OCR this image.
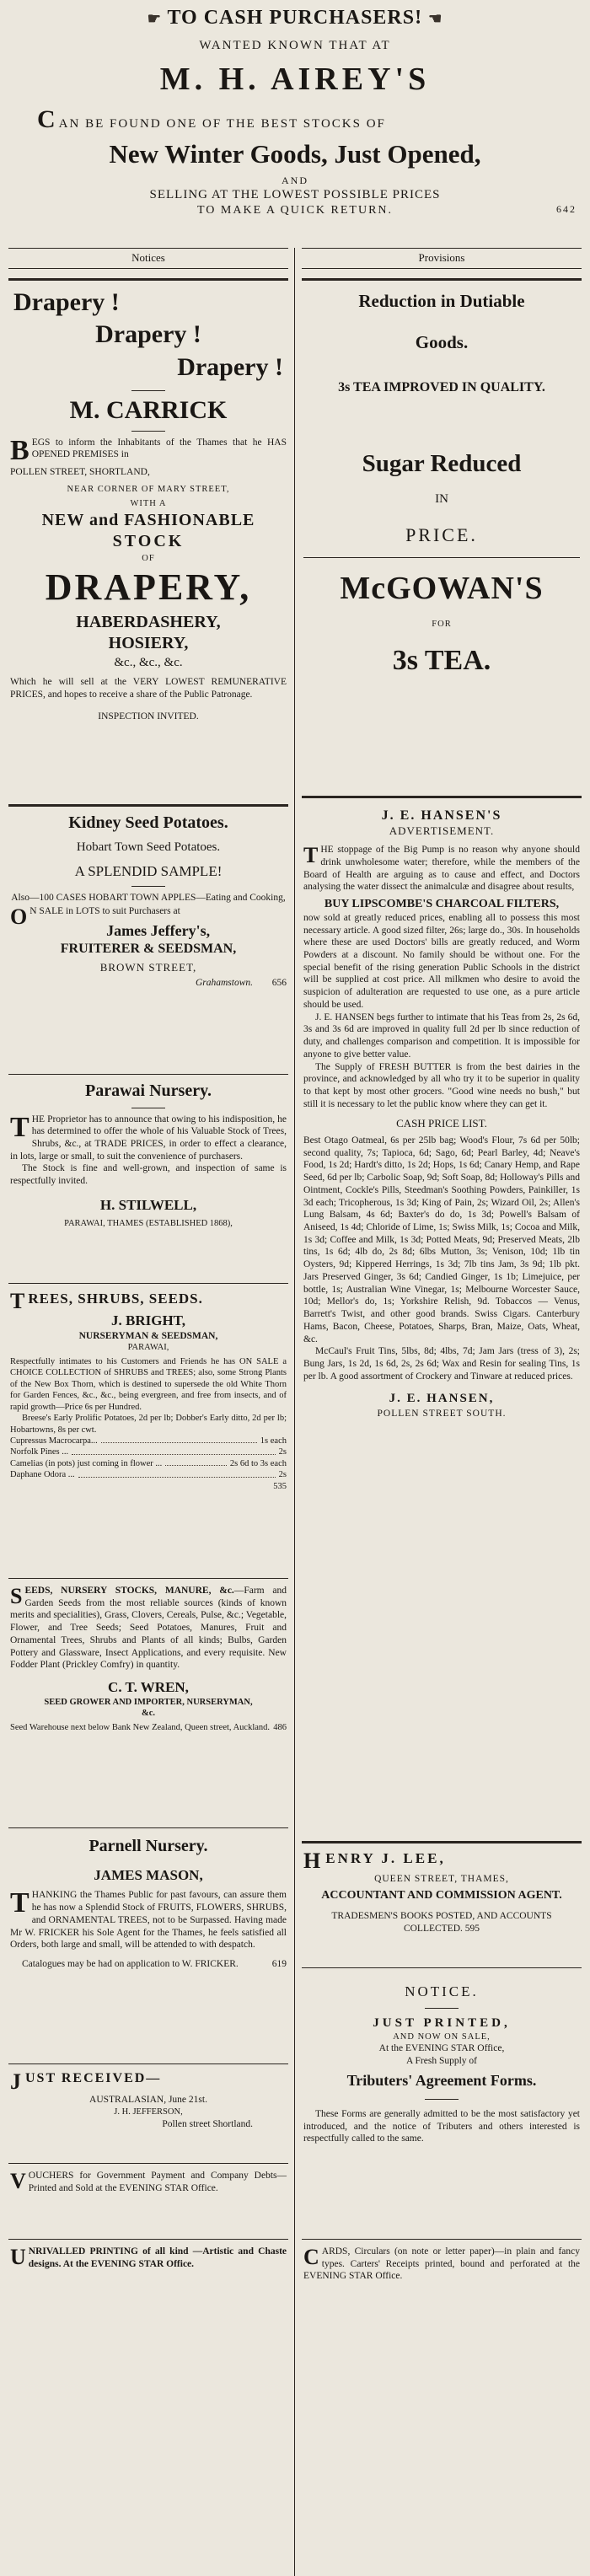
☛ TO CASH PURCHASERS! ☚
WANTED KNOWN THAT AT
M. H. AIREY'S
CAN BE FOUND ONE OF THE BEST STOCKS OF
New Winter Goods, Just Opened,
AND
SELLING AT THE LOWEST POSSIBLE PRICES
TO MAKE A QUICK RETURN.	642
Notices
Drapery !
Drapery !
Drapery !
M. CARRICK

BEGS to inform the Inhabitants of the Thames that he HAS OPENED PREMISES in

POLLEN STREET, SHORTLAND,
NEAR CORNER OF MARY STREET,
WITH A
NEW and FASHIONABLE
STOCK
OF
DRAPERY,
HABERDASHERY,
HOSIERY,
&c., &c., &c.

Which he will sell at the VERY LOWEST REMUNERATIVE PRICES, and hopes to receive a share of the Public Patronage.

INSPECTION INVITED.
Kidney Seed Potatoes.
Hobart Town Seed Potatoes.
A SPLENDID SAMPLE!

Also—100 CASES HOBART TOWN APPLES—Eating and Cooking,

O N SALE in LOTS to suit Purchasers at

James Jeffery's,
FRUITERER & SEEDSMAN,
BROWN STREET,
Grahamstown.	656
Parawai Nursery.

THE Proprietor has to announce that owing to his indisposition, he has determined to offer the whole of his Valuable Stock of Trees, Shrubs, &c., at TRADE PRICES, in order to effect a clearance, in lots, large or small, to suit the convenience of purchasers.

The Stock is fine and well-grown, and inspection of same is respectfully invited.

H. STILWELL,
PARAWAI, THAMES (ESTABLISHED 1868),
TREES, SHRUBS, SEEDS.
J. BRIGHT,
NURSERYMAN & SEEDSMAN,
PARAWAI,

Respectfully intimates to his Customers and Friends he has ON SALE a CHOICE COLLECTION of SHRUBS and TREES; also, some Strong Plants of the New Box Thorn, which is destined to supersede the old White Thorn for Garden Fences, &c., &c., being evergreen, and free from insects, and of rapid growth—Price 6s per Hundred.

Breese's Early Prolific Potatoes, 2d per lb; Dobber's Early ditto, 2d per lb; Hobartowns, 8s per cwt.

Cupressus Macrocarpa...	1s each
Norfolk Pines ...	2s
Camelias (in pots) just coming in flower ...	2s 6d to 3s each
Daphane Odora ...	2s
535

SEEDS, NURSERY STOCKS, MANURE, &c.—Farm and Garden Seeds from the most reliable sources (kinds of known merits and specialities), Grass, Clovers, Cereals, Pulse, &c.; Vegetable, Flower, and Tree Seeds; Seed Potatoes, Manures, Fruit and Ornamental Trees, Shrubs and Plants of all kinds; Bulbs, Garden Pottery and Glassware, Insect Applications, and every requisite. New Fodder Plant (Prickley Comfry) in quantity.

C. T. WREN,
SEED GROWER AND IMPORTER, NURSERYMAN, &c.

Seed Warehouse next below Bank New Zealand, Queen street, Auckland. 486

Parnell Nursery.
JAMES MASON,

THANKING the Thames Public for past favours, can assure them he has now a Splendid Stock of FRUITS, FLOWERS, SHRUBS, and ORNAMENTAL TREES, not to be Surpassed. Having made Mr W. FRICKER his Sole Agent for the Thames, he feels satisfied all Orders, both large and small, will be attended to with despatch.

Catalogues may be had on application to W. FRICKER.	619

JUST RECEIVED—
AUSTRALASIAN, June 21st.
J. H. JEFFERSON,
Pollen street Shortland.

VOUCHERS for Government Payment and Company Debts—Printed and Sold at the EVENING STAR Office.

UNRIVALLED PRINTING of all kind —Artistic and Chaste designs. At the EVENING STAR Office.

Provisions
Reduction in Dutiable
Goods.
3s TEA IMPROVED IN QUALITY.
Sugar Reduced
IN
PRICE.
McGOWAN'S
FOR
3s TEA.
J. E. HANSEN'S
ADVERTISEMENT.

THE stoppage of the Big Pump is no reason why anyone should drink unwholesome water; therefore, while the members of the Board of Health are arguing as to cause and effect, and Doctors analysing the water dissect the animalculæ and disagree about results,

BUY LIPSCOMBE'S CHARCOAL FILTERS,

now sold at greatly reduced prices, enabling all to possess this most necessary article. A good sized filter, 26s; large do., 30s. In households where these are used Doctors' bills are greatly reduced, and Worm Powders at a discount. No family should be without one. For the special benefit of the rising generation Public Schools in the district will be supplied at cost price. All milkmen who desire to avoid the suspicion of adulteration are requested to use one, as a pure article should be used.

J. E. HANSEN begs further to intimate that his Teas from 2s, 2s 6d, 3s and 3s 6d are improved in quality full 2d per lb since reduction of duty, and challenges comparison and competition. It is impossible for anyone to give better value.

The Supply of FRESH BUTTER is from the best dairies in the province, and acknowledged by all who try it to be superior in quality to that kept by most other grocers. "Good wine needs no bush," but still it is necessary to let the public know where they can get it.

CASH PRICE LIST.

Best Otago Oatmeal, 6s per 25lb bag; Wood's Flour, 7s 6d per 50lb; second quality, 7s; Tapioca, 6d; Sago, 6d; Pearl Barley, 4d; Neave's Food, 1s 2d; Hardt's ditto, 1s 2d; Hops, 1s 6d; Canary Hemp, and Rape Seed, 6d per lb; Carbolic Soap, 9d; Soft Soap, 8d; Holloway's Pills and Ointment, Cockle's Pills, Steedman's Soothing Powders, Painkiller, 1s 3d each; Tricopherous, 1s 3d; King of Pain, 2s; Wizard Oil, 2s; Allen's Lung Balsam, 4s 6d; Baxter's do do, 1s 3d; Powell's Balsam of Aniseed, 1s 4d; Chloride of Lime, 1s; Swiss Milk, 1s; Cocoa and Milk, 1s 3d; Coffee and Milk, 1s 3d; Potted Meats, 9d; Preserved Meats, 2lb tins, 1s 6d; 4lb do, 2s 8d; 6lbs Mutton, 3s; Venison, 10d; 1lb tin Oysters, 9d; Kippered Herrings, 1s 3d; 7lb tins Jam, 3s 9d; 1lb pkt. Jars Preserved Ginger, 3s 6d; Candied Ginger, 1s 1b; Limejuice, per bottle, 1s; Australian Wine Vinegar, 1s; Melbourne Worcester Sauce, 10d; Mellor's do, 1s; Yorkshire Relish, 9d. Tobaccos — Venus, Barrett's Twist, and other good brands. Swiss Cigars. Canterbury Hams, Bacon, Cheese, Potatoes, Sharps, Bran, Maize, Oats, Wheat, &c.

McCaul's Fruit Tins, 5lbs, 8d; 4lbs, 7d; Jam Jars (tress of 3), 2s; Bung Jars, 1s 2d, 1s 6d, 2s, 2s 6d; Wax and Resin for sealing Tins, 1s per lb. A good assortment of Crockery and Tinware at reduced prices.

J. E. HANSEN,
POLLEN STREET SOUTH.
HENRY J. LEE,
QUEEN STREET, THAMES,
ACCOUNTANT AND COMMISSION AGENT.
TRADESMEN'S BOOKS POSTED, AND ACCOUNTS COLLECTED. 595
NOTICE.
JUST PRINTED,
AND NOW ON SALE,
At the EVENING STAR Office,
A Fresh Supply of
Tributers' Agreement Forms.

These Forms are generally admitted to be the most satisfactory yet introduced, and the notice of Tributers and others interested is respectfully called to the same.

CARDS, Circulars (on note or letter paper)—in plain and fancy types. Carters' Receipts printed, bound and perforated at the EVENING STAR Office.
